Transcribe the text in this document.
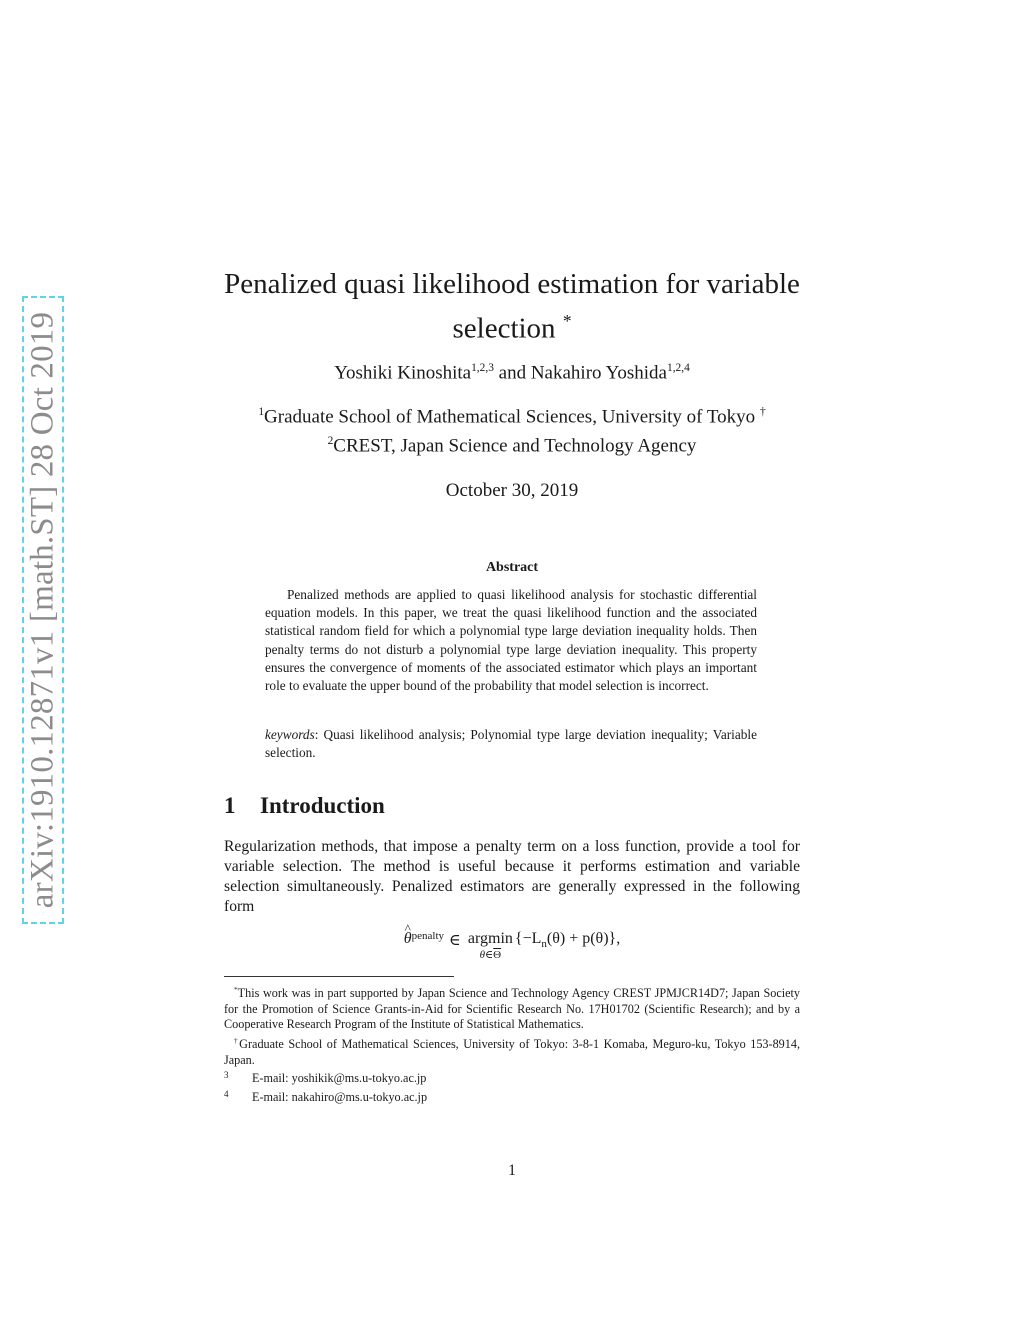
arXiv:1910.12871v1 [math.ST] 28 Oct 2019
Penalized quasi likelihood estimation for variable
selection *
Yoshiki Kinoshita$^{1,2,3}$ and Nakahiro Yoshida$^{1,2,4}$
$^1$Graduate School of Mathematical Sciences, University of Tokyo †
$^2$CREST, Japan Science and Technology Agency
October 30, 2019
Abstract
Penalized methods are applied to quasi likelihood analysis for stochastic differential equation models. In this paper, we treat the quasi likelihood function and the associated statistical random field for which a polynomial type large deviation inequality holds. Then penalty terms do not disturb a polynomial type large deviation inequality. This property ensures the convergence of moments of the associated estimator which plays an important role to evaluate the upper bound of the probability that model selection is incorrect.
keywords: Quasi likelihood analysis; Polynomial type large deviation inequality; Variable selection.
1 Introduction
Regularization methods, that impose a penalty term on a loss function, provide a tool for variable selection. The method is useful because it performs estimation and variable selection simultaneously. Penalized estimators are generally expressed in the following form
^ θ penalty ∈ argmin
$\theta\in\overline{\Theta}$
$\{-L_n(\theta) + p(\theta)\}$,

*This work was in part supported by Japan Science and Technology Agency CREST JPMJCR14D7; Japan Society for the Promotion of Science Grants-in-Aid for Scientific Research No. 17H01702 (Scientific Research); and by a Cooperative Research Program of the Institute of Statistical Mathematics.

†Graduate School of Mathematical Sciences, University of Tokyo: 3-8-1 Komaba, Meguro-ku, Tokyo 153-8914, Japan.

3 E-mail: yoshikik@ms.u-tokyo.ac.jp

4 E-mail: nakahiro@ms.u-tokyo.ac.jp

1
